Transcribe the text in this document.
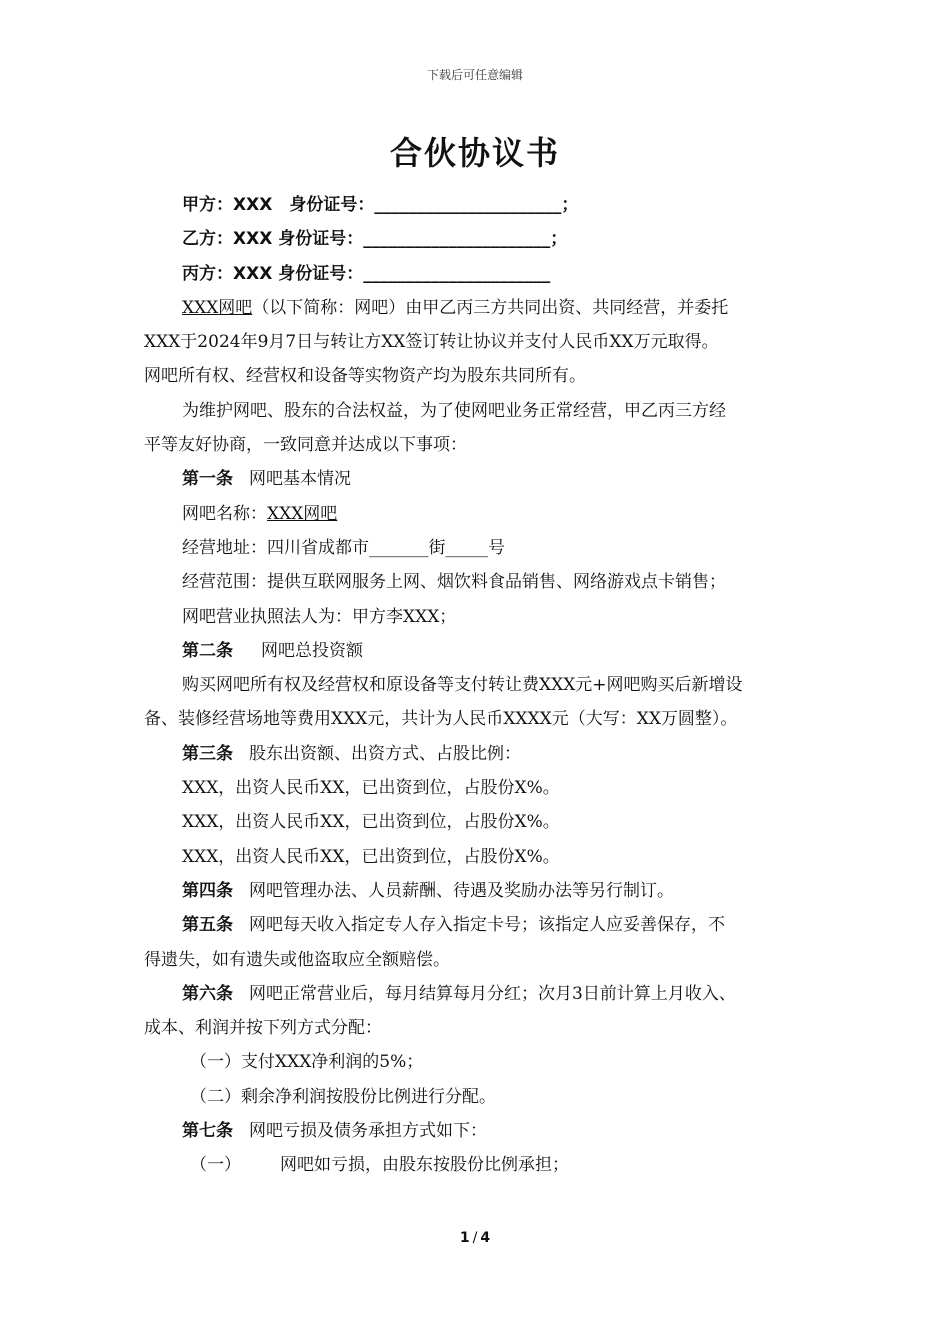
下载后可任意编辑
合伙协议书
甲方：XXX　身份证号：______________________；
乙方：XXX 身份证号：______________________；
丙方：XXX 身份证号：______________________
XXX网吧（以下简称：网吧）由甲乙丙三方共同出资、共同经营，并委托
XXX于2024年9月7日与转让方XX签订转让协议并支付人民币XX万元取得。
网吧所有权、经营权和设备等实物资产均为股东共同所有。
为维护网吧、股东的合法权益，为了使网吧业务正常经营，甲乙丙三方经
平等友好协商，一致同意并达成以下事项：
第一条 网吧基本情况
网吧名称：XXX网吧
经营地址：四川省成都市_______街_____号
经营范围：提供互联网服务上网、烟饮料食品销售、网络游戏点卡销售；
网吧营业执照法人为：甲方李XXX；
第二条 网吧总投资额
购买网吧所有权及经营权和原设备等支付转让费XXX元+网吧购买后新增设
备、装修经营场地等费用XXX元，共计为人民币XXXX元（大写：XX万圆整）。
第三条 股东出资额、出资方式、占股比例：
XXX，出资人民币XX，已出资到位，占股份X%。
XXX，出资人民币XX，已出资到位，占股份X%。
XXX，出资人民币XX，已出资到位，占股份X%。
第四条 网吧管理办法、人员薪酬、待遇及奖励办法等另行制订。
第五条 网吧每天收入指定专人存入指定卡号；该指定人应妥善保存，不
得遗失，如有遗失或他盗取应全额赔偿。
第六条 网吧正常营业后，每月结算每月分红；次月3日前计算上月收入、
成本、利润并按下列方式分配：
（一）支付XXX净利润的5%；
（二）剩余净利润按股份比例进行分配。
第七条 网吧亏损及债务承担方式如下：
（一） 网吧如亏损，由股东按股份比例承担；
1 / 4
